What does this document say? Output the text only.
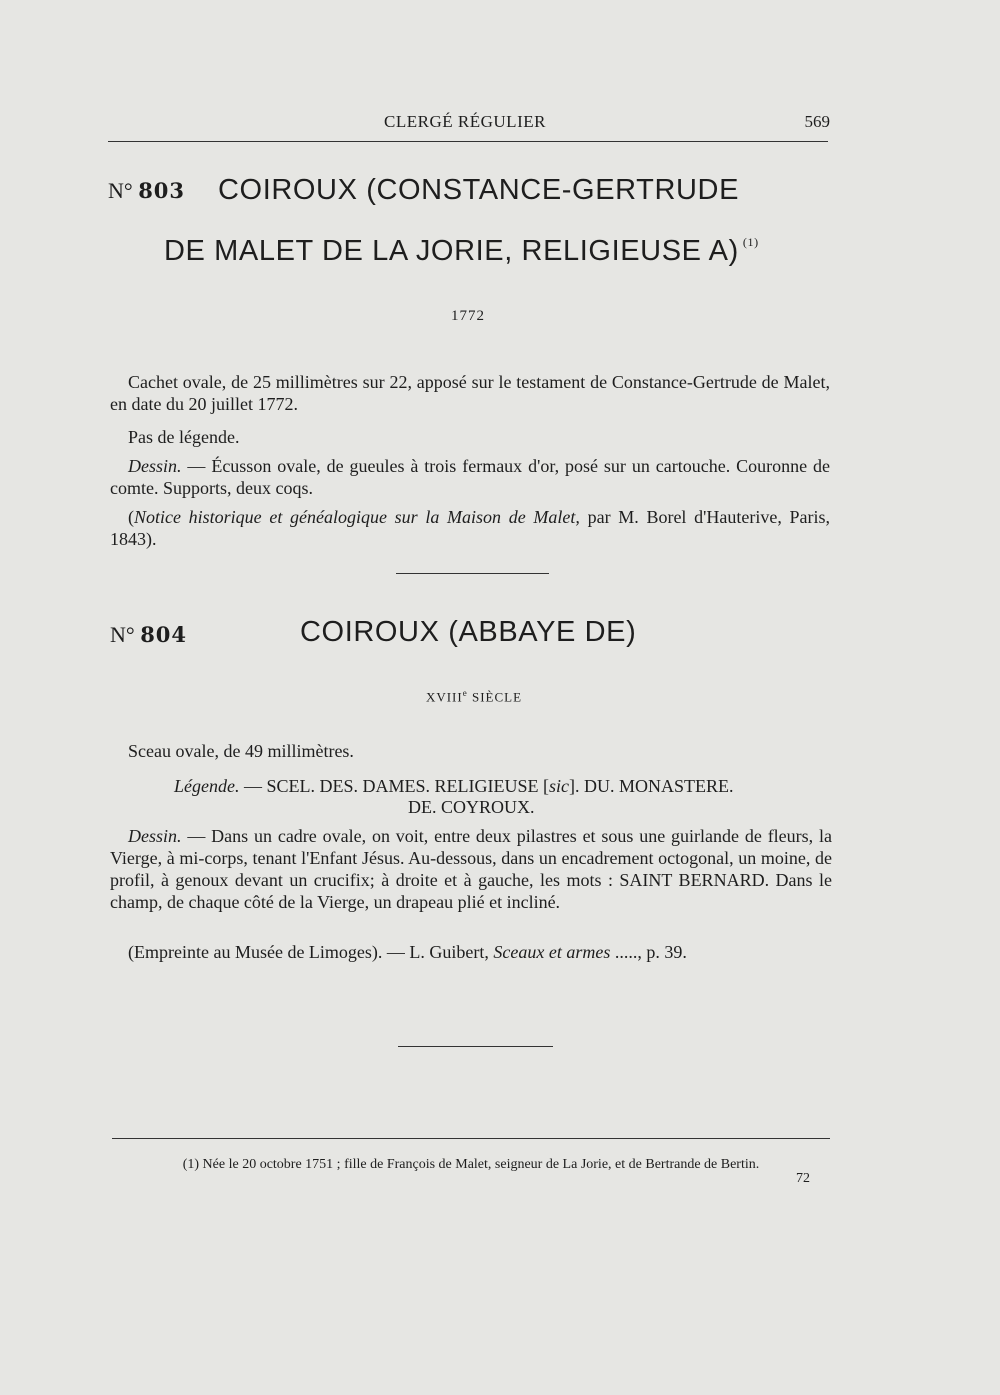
CLERGÉ RÉGULIER	569
N° 803 COIROUX (CONSTANCE-GERTRUDE
DE MALET DE LA JORIE, RELIGIEUSE A) $^{(1)}$
1772
Cachet ovale, de 25 millimètres sur 22, apposé sur le testament de Constance-Gertrude de Malet, en date du 20 juillet 1772.
Pas de légende.
Dessin. — Écusson ovale, de gueules à trois fermaux d'or, posé sur un cartouche. Couronne de comte. Supports, deux coqs.
(Notice historique et généalogique sur la Maison de Malet, par M. Borel d'Hauterive, Paris, 1843).
N° 804	COIROUX (ABBAYE DE)
XVIIIe SIÈCLE
Sceau ovale, de 49 millimètres.
Légende. — SCEL. DES. DAMES. RELIGIEUSE [sic]. DU. MONASTERE.
DE. COYROUX.
Dessin. — Dans un cadre ovale, on voit, entre deux pilastres et sous une guirlande de fleurs, la Vierge, à mi-corps, tenant l'Enfant Jésus. Au-dessous, dans un encadrement octogonal, un moine, de profil, à genoux devant un crucifix; à droite et à gauche, les mots : SAINT BERNARD. Dans le champ, de chaque côté de la Vierge, un drapeau plié et incliné.
(Empreinte au Musée de Limoges). — L. Guibert, Sceaux et armes ....., p. 39.
(1) Née le 20 octobre 1751 ; fille de François de Malet, seigneur de La Jorie, et de Bertrande de Bertin.
72
